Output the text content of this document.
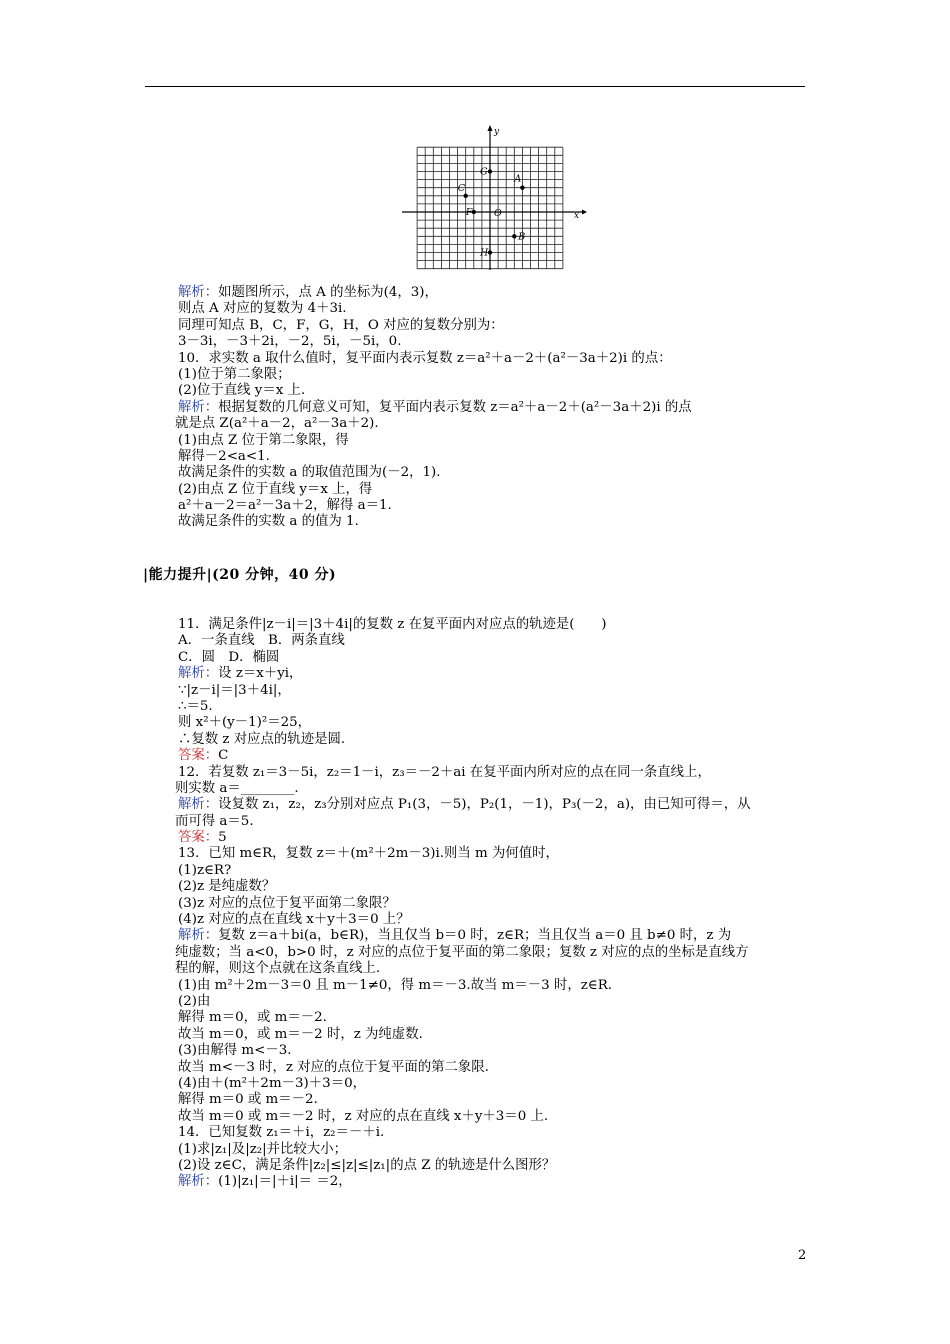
x
y
A
B
C
F
G
H
O
解析：如题图所示，点 A 的坐标为(4，3)，
则点 A 对应的复数为 4＋3i.
同理可知点 B，C，F，G，H，O 对应的复数分别为：
3－3i，－3＋2i，－2，5i，－5i，0.
10．求实数 a 取什么值时，复平面内表示复数 z＝a²＋a－2＋(a²－3a＋2)i 的点：
(1)位于第二象限；
(2)位于直线 y＝x 上.
解析：根据复数的几何意义可知，复平面内表示复数 z＝a²＋a－2＋(a²－3a＋2)i 的点
就是点 Z(a²＋a－2，a²－3a＋2).
(1)由点 Z 位于第二象限，得
解得－2<a<1.
故满足条件的实数 a 的取值范围为(－2，1).
(2)由点 Z 位于直线 y＝x 上，得
a²＋a－2＝a²－3a＋2，解得 a＝1.
故满足条件的实数 a 的值为 1.
|能力提升|(20 分钟，40 分)
11．满足条件|z－i|＝|3＋4i|的复数 z 在复平面内对应点的轨迹是(　　)
A．一条直线　B．两条直线
C．圆　D．椭圆
解析：设 z＝x＋yi，
∵|z－i|＝|3＋4i|，
∴＝5.
则 x²＋(y－1)²＝25，
∴复数 z 对应点的轨迹是圆.
答案：C
12．若复数 z₁＝3－5i，z₂＝1－i，z₃＝－2＋ai 在复平面内所对应的点在同一条直线上，
则实数 a＝________.
解析：设复数 z₁，z₂，z₃分别对应点 P₁(3，－5)，P₂(1，－1)，P₃(－2，a)，由已知可得＝，从
而可得 a＝5.
答案：5
13．已知 m∈R，复数 z＝＋(m²＋2m－3)i.则当 m 为何值时，
(1)z∈R?
(2)z 是纯虚数？
(3)z 对应的点位于复平面第二象限？
(4)z 对应的点在直线 x＋y＋3＝0 上？
解析：复数 z＝a＋bi(a，b∈R)，当且仅当 b＝0 时，z∈R；当且仅当 a＝0 且 b≠0 时，z 为
纯虚数；当 a<0，b>0 时，z 对应的点位于复平面的第二象限；复数 z 对应的点的坐标是直线方
程的解，则这个点就在这条直线上.
(1)由 m²＋2m－3＝0 且 m－1≠0，得 m＝－3.故当 m＝－3 时，z∈R.
(2)由
解得 m＝0，或 m＝－2.
故当 m＝0，或 m＝－2 时，z 为纯虚数.
(3)由解得 m<－3.
故当 m<－3 时，z 对应的点位于复平面的第二象限.
(4)由＋(m²＋2m－3)＋3＝0，
解得 m＝0 或 m＝－2.
故当 m＝0 或 m＝－2 时，z 对应的点在直线 x＋y＋3＝0 上.
14．已知复数 z₁＝＋i，z₂＝－＋i.
(1)求|z₁|及|z₂|并比较大小；
(2)设 z∈C，满足条件|z₂|≤|z|≤|z₁|的点 Z 的轨迹是什么图形？
解析：(1)|z₁|＝|＋i|＝ ＝2，
2
